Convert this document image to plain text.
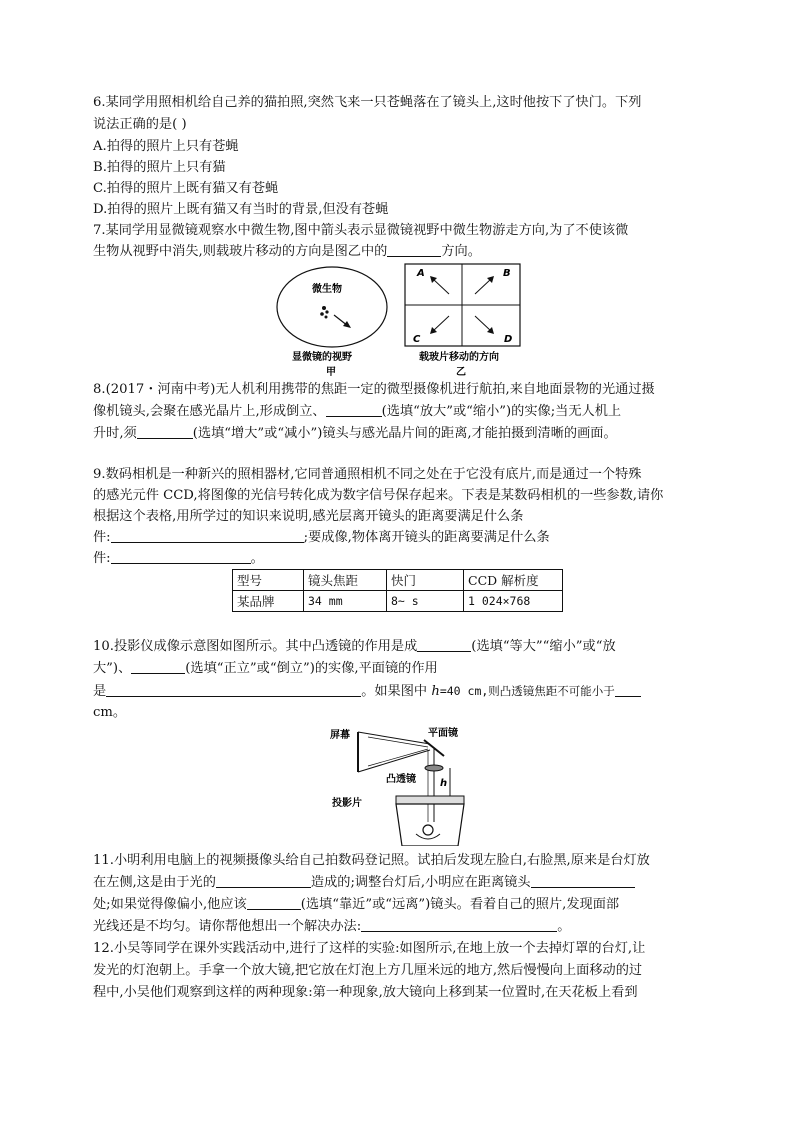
6.某同学用照相机给自己养的猫拍照,突然飞来一只苍蝇落在了镜头上,这时他按下了快门。下列
说法正确的是( )
A.拍得的照片上只有苍蝇
B.拍得的照片上只有猫
C.拍得的照片上既有猫又有苍蝇
D.拍得的照片上既有猫又有当时的背景,但没有苍蝇
7.某同学用显微镜观察水中微生物,图中箭头表示显微镜视野中微生物游走方向,为了不使该微
生物从视野中消失,则载玻片移动的方向是图乙中的	方向。
微生物
显微镜的视野
甲
A	B
C	D
载玻片移动的方向
乙
8.(2017・河南中考)无人机利用携带的焦距一定的微型摄像机进行航拍,来自地面景物的光通过摄
像机镜头,会聚在感光晶片上,形成倒立、	(选填“放大”或“缩小”)的实像;当无人机上
升时,须	(选填“增大”或“减小”)镜头与感光晶片间的距离,才能拍摄到清晰的画面。
9.数码相机是一种新兴的照相器材,它同普通照相机不同之处在于它没有底片,而是通过一个特殊
的感光元件 CCD,将图像的光信号转化成为数字信号保存起来。下表是某数码相机的一些参数,请你
根据这个表格,用所学过的知识来说明,感光层离开镜头的距离要满足什么条
件:	;要成像,物体离开镜头的距离要满足什么条
件:	。
型号	镜头焦距	快门	CCD 解析度
某品牌	34 mm	8~ s	1 024×768
10.投影仪成像示意图如图所示。其中凸透镜的作用是成	(选填“等大”“缩小”或“放
大”)、	(选填“正立”或“倒立”)的实像,平面镜的作用
是	。如果图中 h=40 cm,则凸透镜焦距不可能小于
cm。
屏幕	平面镜
凸透镜 h
投影片
11.小明利用电脑上的视频摄像头给自己拍数码登记照。试拍后发现左脸白,右脸黑,原来是台灯放
在左侧,这是由于光的	造成的;调整台灯后,小明应在距离镜头
处;如果觉得像偏小,他应该	(选填“靠近”或“远离”)镜头。看着自己的照片,发现面部
光线还是不均匀。请你帮他想出一个解决办法:	。
12.小吴等同学在课外实践活动中,进行了这样的实验:如图所示,在地上放一个去掉灯罩的台灯,让
发光的灯泡朝上。手拿一个放大镜,把它放在灯泡上方几厘米远的地方,然后慢慢向上面移动的过
程中,小吴他们观察到这样的两种现象:第一种现象,放大镜向上移到某一位置时,在天花板上看到
